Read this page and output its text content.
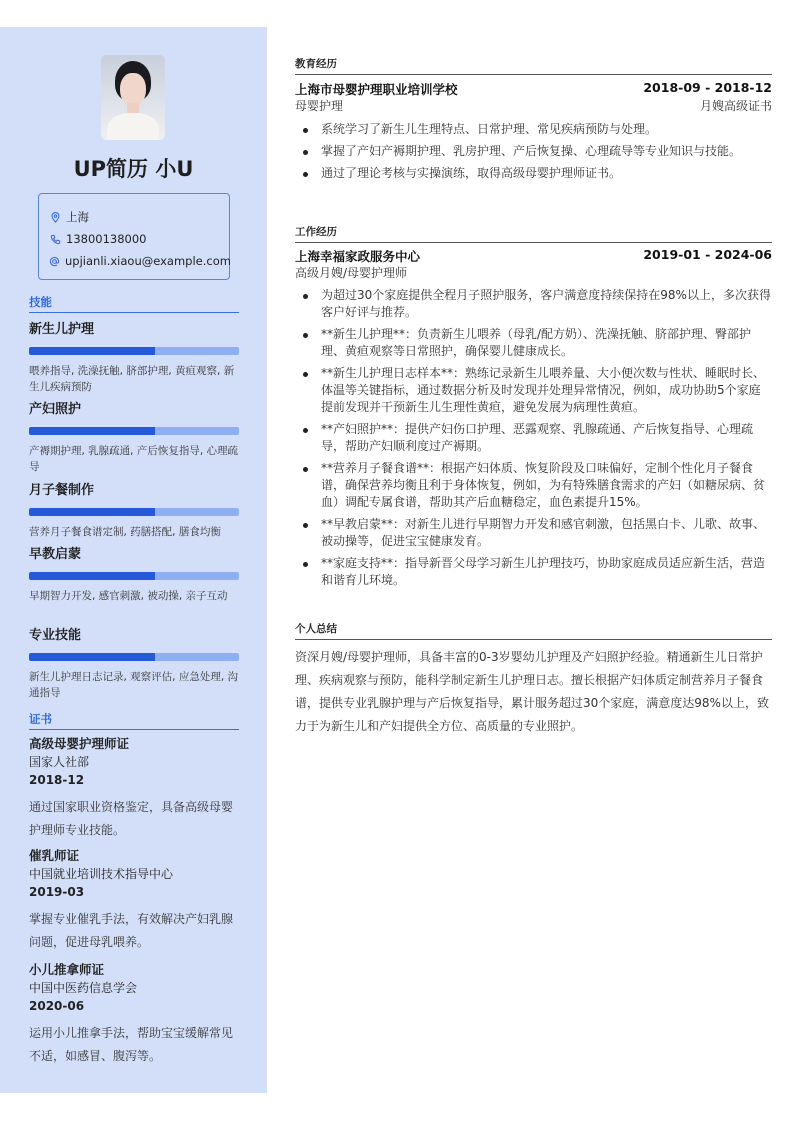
UP简历 小U
上海
13800138000
upjianli.xiaou@example.com
技能
新生儿护理
喂养指导, 洗澡抚触, 脐部护理, 黄疸观察, 新生儿疾病预防
产妇照护
产褥期护理, 乳腺疏通, 产后恢复指导, 心理疏导
月子餐制作
营养月子餐食谱定制, 药膳搭配, 膳食均衡
早教启蒙
早期智力开发, 感官刺激, 被动操, 亲子互动
专业技能
新生儿护理日志记录, 观察评估, 应急处理, 沟通指导
证书
高级母婴护理师证
国家人社部
2018-12
通过国家职业资格鉴定，具备高级母婴护理师专业技能。
催乳师证
中国就业培训技术指导中心
2019-03
掌握专业催乳手法，有效解决产妇乳腺问题，促进母乳喂养。
小儿推拿师证
中国中医药信息学会
2020-06
运用小儿推拿手法，帮助宝宝缓解常见不适，如感冒、腹泻等。
教育经历
上海市母婴护理职业培训学校	2018-09 - 2018-12
母婴护理	月嫂高级证书
系统学习了新生儿生理特点、日常护理、常见疾病预防与处理。
掌握了产妇产褥期护理、乳房护理、产后恢复操、心理疏导等专业知识与技能。
通过了理论考核与实操演练，取得高级母婴护理师证书。
工作经历
上海幸福家政服务中心	2019-01 - 2024-06
高级月嫂/母婴护理师
为超过30个家庭提供全程月子照护服务，客户满意度持续保持在98%以上，多次获得客户好评与推荐。
**新生儿护理**：负责新生儿喂养（母乳/配方奶）、洗澡抚触、脐部护理、臀部护理、黄疸观察等日常照护，确保婴儿健康成长。
**新生儿护理日志样本**：熟练记录新生儿喂养量、大小便次数与性状、睡眠时长、体温等关键指标，通过数据分析及时发现并处理异常情况，例如，成功协助5个家庭提前发现并干预新生儿生理性黄疸，避免发展为病理性黄疸。
**产妇照护**：提供产妇伤口护理、恶露观察、乳腺疏通、产后恢复指导、心理疏导，帮助产妇顺利度过产褥期。
**营养月子餐食谱**：根据产妇体质、恢复阶段及口味偏好，定制个性化月子餐食谱，确保营养均衡且利于身体恢复，例如，为有特殊膳食需求的产妇（如糖尿病、贫血）调配专属食谱，帮助其产后血糖稳定，血色素提升15%。
**早教启蒙**：对新生儿进行早期智力开发和感官刺激，包括黑白卡、儿歌、故事、被动操等，促进宝宝健康发育。
**家庭支持**：指导新晋父母学习新生儿护理技巧，协助家庭成员适应新生活，营造和谐育儿环境。
个人总结
资深月嫂/母婴护理师，具备丰富的0-3岁婴幼儿护理及产妇照护经验。精通新生儿日常护理、疾病观察与预防，能科学制定新生儿护理日志。擅长根据产妇体质定制营养月子餐食谱，提供专业乳腺护理与产后恢复指导，累计服务超过30个家庭，满意度达98%以上，致力于为新生儿和产妇提供全方位、高质量的专业照护。
